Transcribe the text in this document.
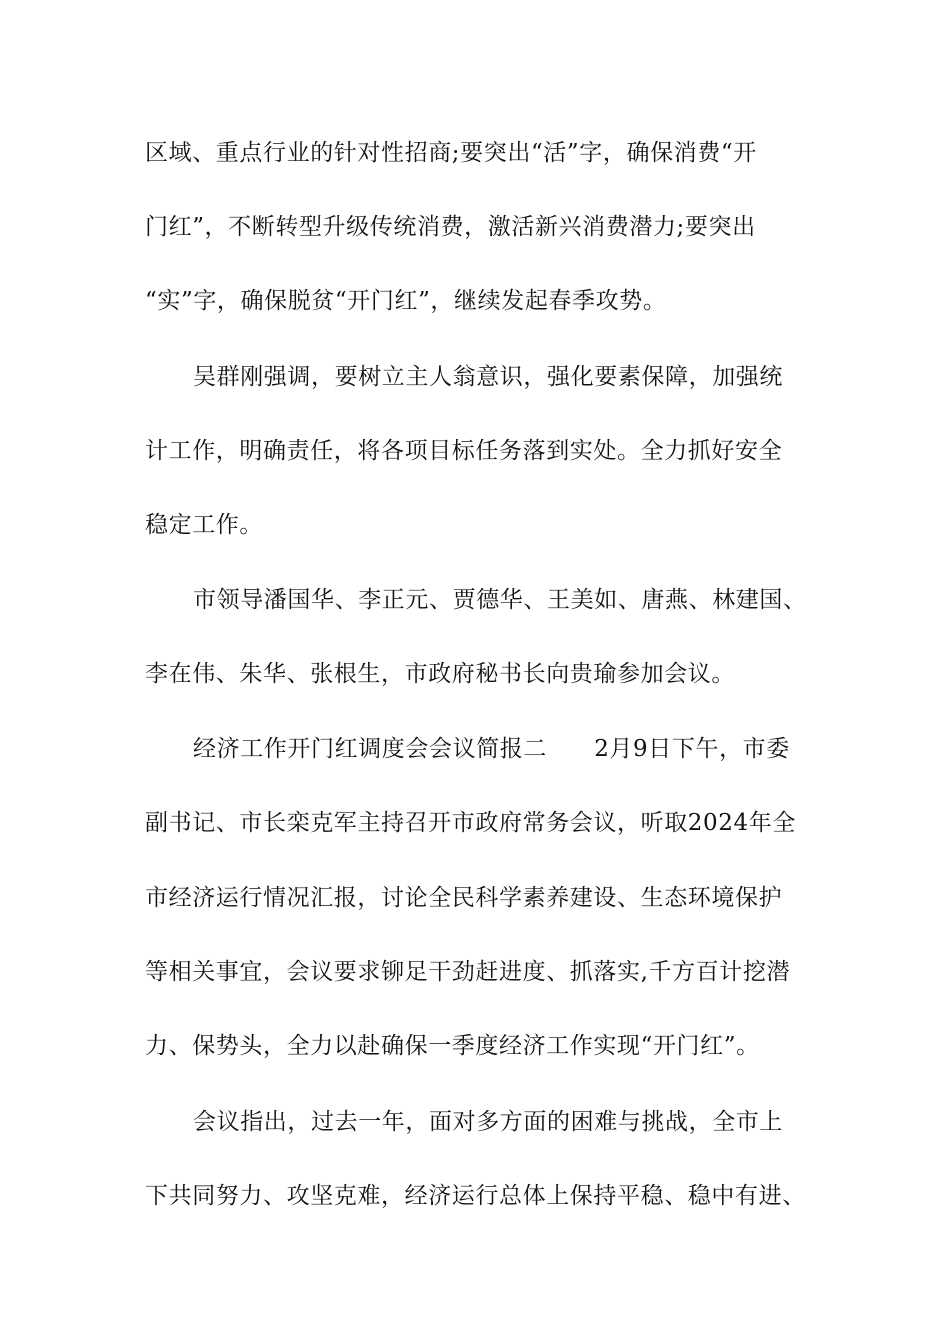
区域、重点行业的针对性招商;要突出“活”字，确保消费“开
门红”，不断转型升级传统消费，激活新兴消费潜力;要突出
“实”字，确保脱贫“开门红”，继续发起春季攻势。
吴群刚强调，要树立主人翁意识，强化要素保障，加强统
计工作，明确责任，将各项目标任务落到实处。全力抓好安全
稳定工作。
市领导潘国华、李正元、贾德华、王美如、唐燕、林建国、
李在伟、朱华、张根生，市政府秘书长向贵瑜参加会议。
经济工作开门红调度会会议简报二　　2月9日下午，市委
副书记、市长栾克军主持召开市政府常务会议，听取2024年全
市经济运行情况汇报，讨论全民科学素养建设、生态环境保护
等相关事宜，会议要求铆足干劲赶进度、抓落实,千方百计挖潜
力、保势头，全力以赴确保一季度经济工作实现“开门红”。
会议指出，过去一年，面对多方面的困难与挑战，全市上
下共同努力、攻坚克难，经济运行总体上保持平稳、稳中有进、
